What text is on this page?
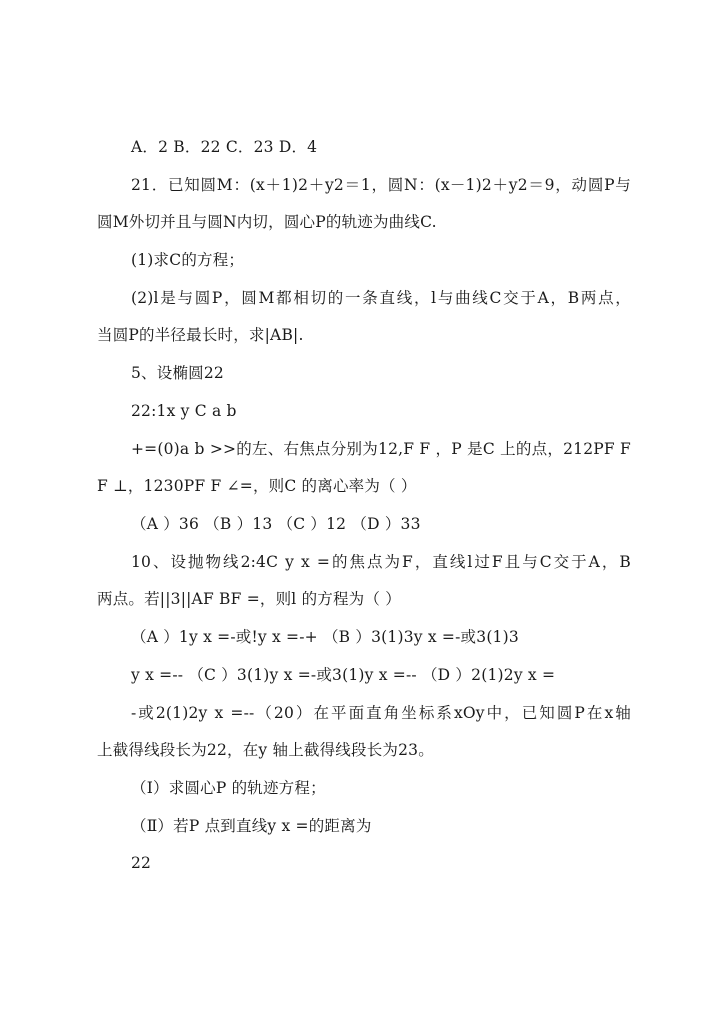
A．2 B．22 C．23 D．4
21．已知圆M：(x＋1)2＋y2＝1，圆N：(x－1)2＋y2＝9，动圆P与
圆M外切并且与圆N内切，圆心P的轨迹为曲线C.
(1)求C的方程；
(2)l是与圆P，圆M都相切的一条直线，l与曲线C交于A，B两点，
当圆P的半径最长时，求|AB|.
5、设椭圆22
22:1x y C a b
+=(0)a b >>的左、右焦点分别为12,F F ，P 是C 上的点，212PF F
F ⊥，1230PF F ∠=，则C 的离心率为（ ）
（A ）36 （B ）13 （C ）12 （D ）33
10、设抛物线2:4C y x =的焦点为F，直线l过F且与C交于A，B
两点。若||3||AF BF =，则l 的方程为（ ）
（A ）1y x =-或!y x =-+ （B ）3(1)3y x =-或3(1)3
y x =-- （C ）3(1)y x =-或3(1)y x =-- （D ）2(1)2y x =
-或2(1)2y x =--（20）在平面直角坐标系xOy中，已知圆P在x轴
上截得线段长为22，在y 轴上截得线段长为23。
（Ⅰ）求圆心P 的轨迹方程；
（Ⅱ）若P 点到直线y x =的距离为
22
